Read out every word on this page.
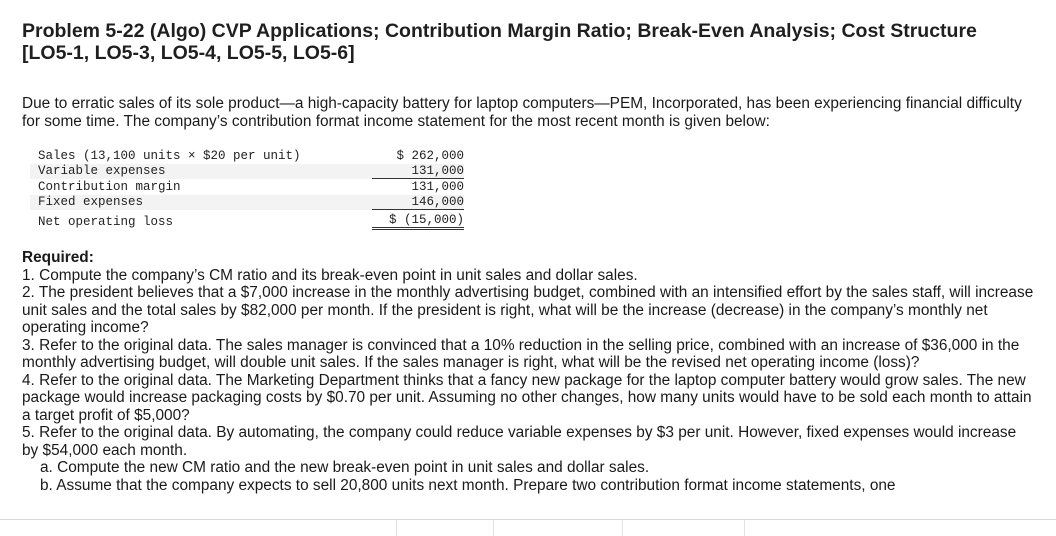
Problem 5-22 (Algo) CVP Applications; Contribution Margin Ratio; Break-Even Analysis; Cost Structure [LO5-1, LO5-3, LO5-4, LO5-5, LO5-6]
Due to erratic sales of its sole product—a high-capacity battery for laptop computers—PEM, Incorporated, has been experiencing financial difficulty for some time. The company’s contribution format income statement for the most recent month is given below:
Sales (13,100 units × $20 per unit)	$ 262,000
Variable expenses	131,000
Contribution margin	131,000
Fixed expenses	146,000
Net operating loss	$ (15,000)
Required:

1. Compute the company’s CM ratio and its break-even point in unit sales and dollar sales.

2. The president believes that a $7,000 increase in the monthly advertising budget, combined with an intensified effort by the sales staff, will increase unit sales and the total sales by $82,000 per month. If the president is right, what will be the increase (decrease) in the company’s monthly net operating income?

3. Refer to the original data. The sales manager is convinced that a 10% reduction in the selling price, combined with an increase of $36,000 in the monthly advertising budget, will double unit sales. If the sales manager is right, what will be the revised net operating income (loss)?

4. Refer to the original data. The Marketing Department thinks that a fancy new package for the laptop computer battery would grow sales. The new package would increase packaging costs by $0.70 per unit. Assuming no other changes, how many units would have to be sold each month to attain a target profit of $5,000?

5. Refer to the original data. By automating, the company could reduce variable expenses by $3 per unit. However, fixed expenses would increase by $54,000 each month.

a. Compute the new CM ratio and the new break-even point in unit sales and dollar sales.

b. Assume that the company expects to sell 20,800 units next month. Prepare two contribution format income statements, one
